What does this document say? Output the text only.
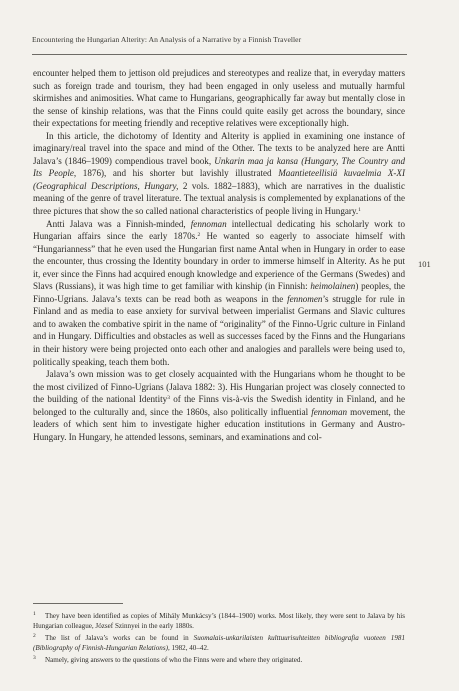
Encountering the Hungarian Alterity: An Analysis of a Narrative by a Finnish Traveller

encounter helped them to jettison old prejudices and stereotypes and realize that, in everyday matters such as foreign trade and tourism, they had been engaged in only useless and mutually harmful skirmishes and animosities. What came to Hungarians, geographically far away but mentally close in the sense of kinship relations, was that the Finns could quite easily get across the boundary, since their expectations for meeting friendly and receptive relatives were exceptionally high.

In this article, the dichotomy of Identity and Alterity is applied in examining one instance of imaginary/real travel into the space and mind of the Other. The texts to be analyzed here are Antti Jalava’s (1846–1909) compendious travel book, Unkarin maa ja kansa (Hungary, The Country and Its People, 1876), and his shorter but lavishly illustrated Maantieteellisiä kuvaelmia X-XI (Geographical Descriptions, Hungary, 2 vols. 1882–1883), which are narratives in the dualistic meaning of the genre of travel literature. The textual analysis is complemented by explanations of the three pictures that show the so called national characteristics of people living in Hungary.$^1$

Antti Jalava was a Finnish-minded, fennoman intellectual dedicating his scholarly work to Hungarian affairs since the early 1870s.$^2$ He wanted so eagerly to associate himself with “Hungarianness” that he even used the Hungarian first name Antal when in Hungary in order to ease the encounter, thus crossing the Identity boundary in order to immerse himself in Alterity. As he put it, ever since the Finns had acquired enough knowledge and experience of the Germans (Swedes) and Slavs (Russians), it was high time to get familiar with kinship (in Finnish: heimolainen) peoples, the Finno-Ugrians. Jalava’s texts can be read both as weapons in the fennomen’s struggle for rule in Finland and as media to ease anxiety for survival between imperialist Germans and Slavic cultures and to awaken the combative spirit in the name of “originality” of the Finno-Ugric culture in Finland and in Hungary. Difficulties and obstacles as well as successes faced by the Finns and the Hungarians in their history were being projected onto each other and analogies and parallels were being used to, politically speaking, teach them both.

Jalava’s own mission was to get closely acquainted with the Hungarians whom he thought to be the most civilized of Finno-Ugrians (Jalava 1882: 3). His Hungarian project was closely connected to the building of the national Identity$^3$ of the Finns vis-à-vis the Swedish identity in Finland, and he belonged to the culturally and, since the 1860s, also politically influential fennoman movement, the leaders of which sent him to investigate higher education institutions in Germany and Austro-Hungary. In Hungary, he attended lessons, seminars, and examinations and col-

101

$^1$ They have been identified as copies of Mihály Munkácsy’s (1844–1900) works. Most likely, they were sent to Jalava by his Hungarian colleague, József Szinnyei in the early 1880s.

$^2$ The list of Jalava’s works can be found in Suomalais-unkarilaisten kulttuurisuhteitten bibliografia vuoteen 1981 (Bibliography of Finnish-Hungarian Relations), 1982, 40–42.

$^3$ Namely, giving answers to the questions of who the Finns were and where they originated.
